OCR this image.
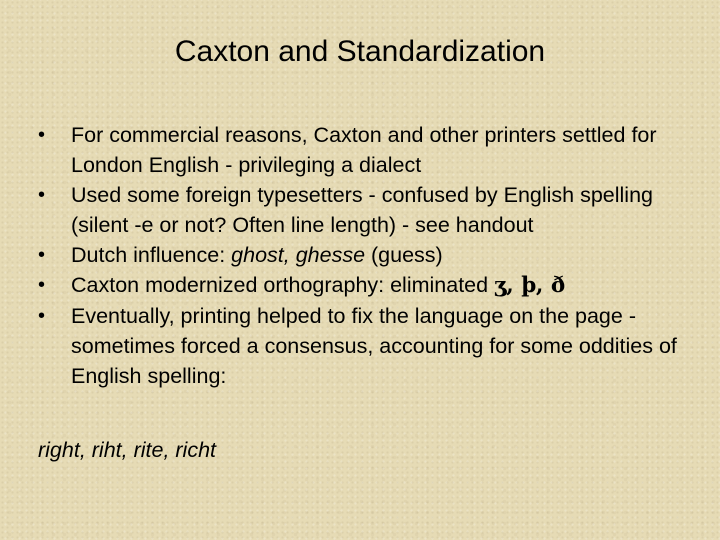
Caxton and Standardization
•	For commercial reasons, Caxton and other printers settled for London English - privileging a dialect
•	Used some foreign typesetters - confused by English spelling (silent -e or not? Often line length) - see handout
•	Dutch influence: ghost, ghesse (guess)
•	Caxton modernized orthography: eliminated ʒ, þ, ð
•	Eventually, printing helped to fix the language on the page - sometimes forced a consensus, accounting for some oddities of English spelling:
right, riht, rite, richt
